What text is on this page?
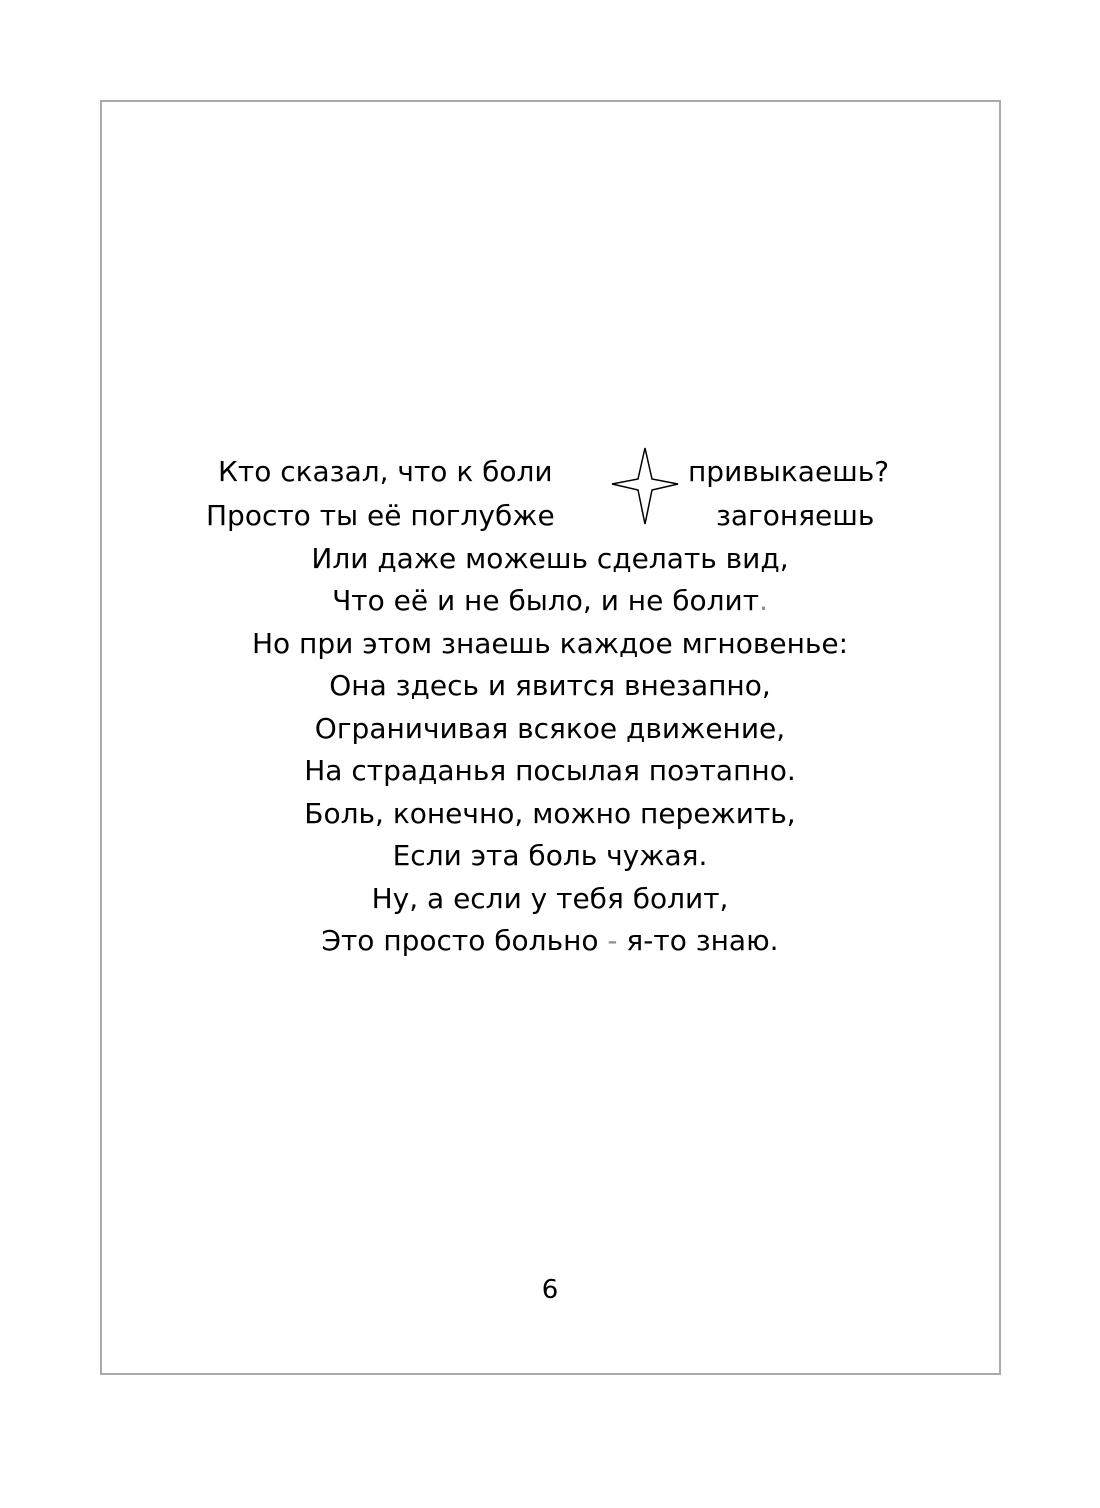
Кто сказал, что к боли	привыкаешь?
Просто ты её поглубже	загоняешь
Или даже можешь сделать вид,
Что её и не было, и не болит.
Но при этом знаешь каждое мгновенье:
Она здесь и явится внезапно,
Ограничивая всякое движение,
На страданья посылая поэтапно.
Боль, конечно, можно пережить,
Если эта боль чужая.
Ну, а если у тебя болит,
Это просто больно - я-то знаю.
6
